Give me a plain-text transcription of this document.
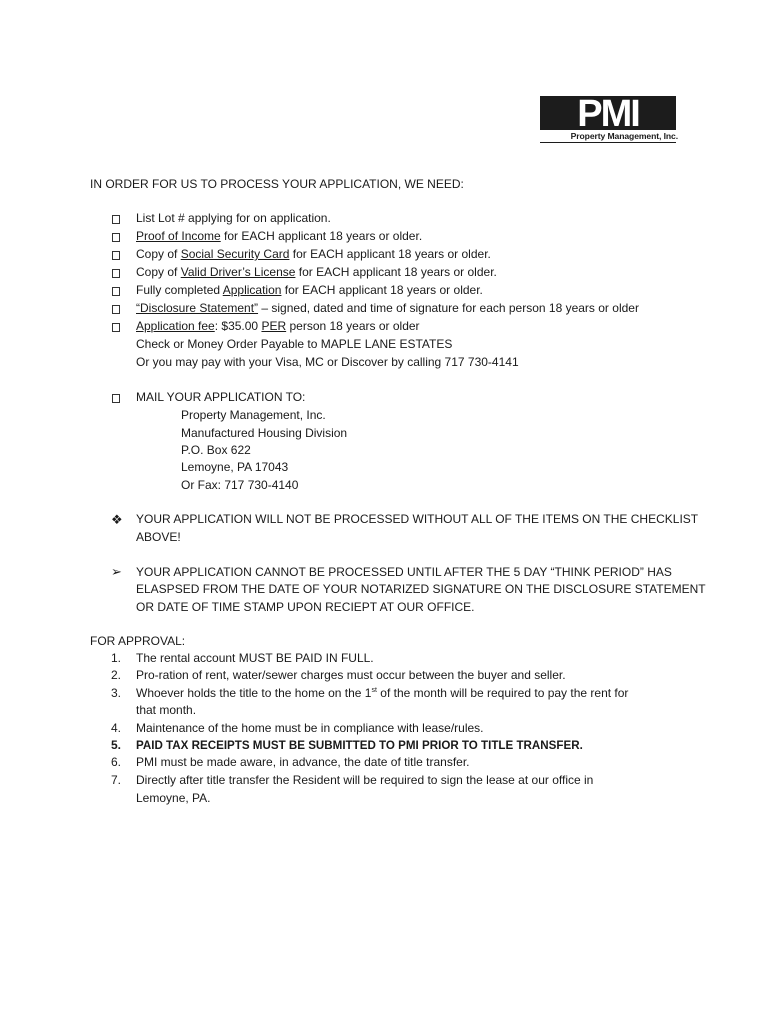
PMI
Property Management, Inc.
IN ORDER FOR US TO PROCESS YOUR APPLICATION, WE NEED:
List Lot # applying for on application.
Proof of Income for EACH applicant 18 years or older.
Copy of Social Security Card for EACH applicant 18 years or older.
Copy of Valid Driver’s License for EACH applicant 18 years or older.
Fully completed Application for EACH applicant 18 years or older.
“Disclosure Statement” – signed, dated and time of signature for each person 18 years or older
Application fee: $35.00 PER person 18 years or older
Check or Money Order Payable to MAPLE LANE ESTATES
Or you may pay with your Visa, MC or Discover by calling 717 730-4141
MAIL YOUR APPLICATION TO:
Property Management, Inc.
Manufactured Housing Division
P.O. Box 622
Lemoyne, PA 17043
Or Fax: 717 730-4140
❖ YOUR APPLICATION WILL NOT BE PROCESSED WITHOUT ALL OF THE ITEMS ON THE CHECKLIST
ABOVE!
➢ YOUR APPLICATION CANNOT BE PROCESSED UNTIL AFTER THE 5 DAY “THINK PERIOD” HAS
ELASPSED FROM THE DATE OF YOUR NOTARIZED SIGNATURE ON THE DISCLOSURE STATEMENT
OR DATE OF TIME STAMP UPON RECIEPT AT OUR OFFICE.
FOR APPROVAL:
1. The rental account MUST BE PAID IN FULL.
2. Pro-ration of rent, water/sewer charges must occur between the buyer and seller.
3. Whoever holds the title to the home on the 1st of the month will be required to pay the rent for
that month.
4. Maintenance of the home must be in compliance with lease/rules.
5. PAID TAX RECEIPTS MUST BE SUBMITTED TO PMI PRIOR TO TITLE TRANSFER.
6. PMI must be made aware, in advance, the date of title transfer.
7. Directly after title transfer the Resident will be required to sign the lease at our office in
Lemoyne, PA.
